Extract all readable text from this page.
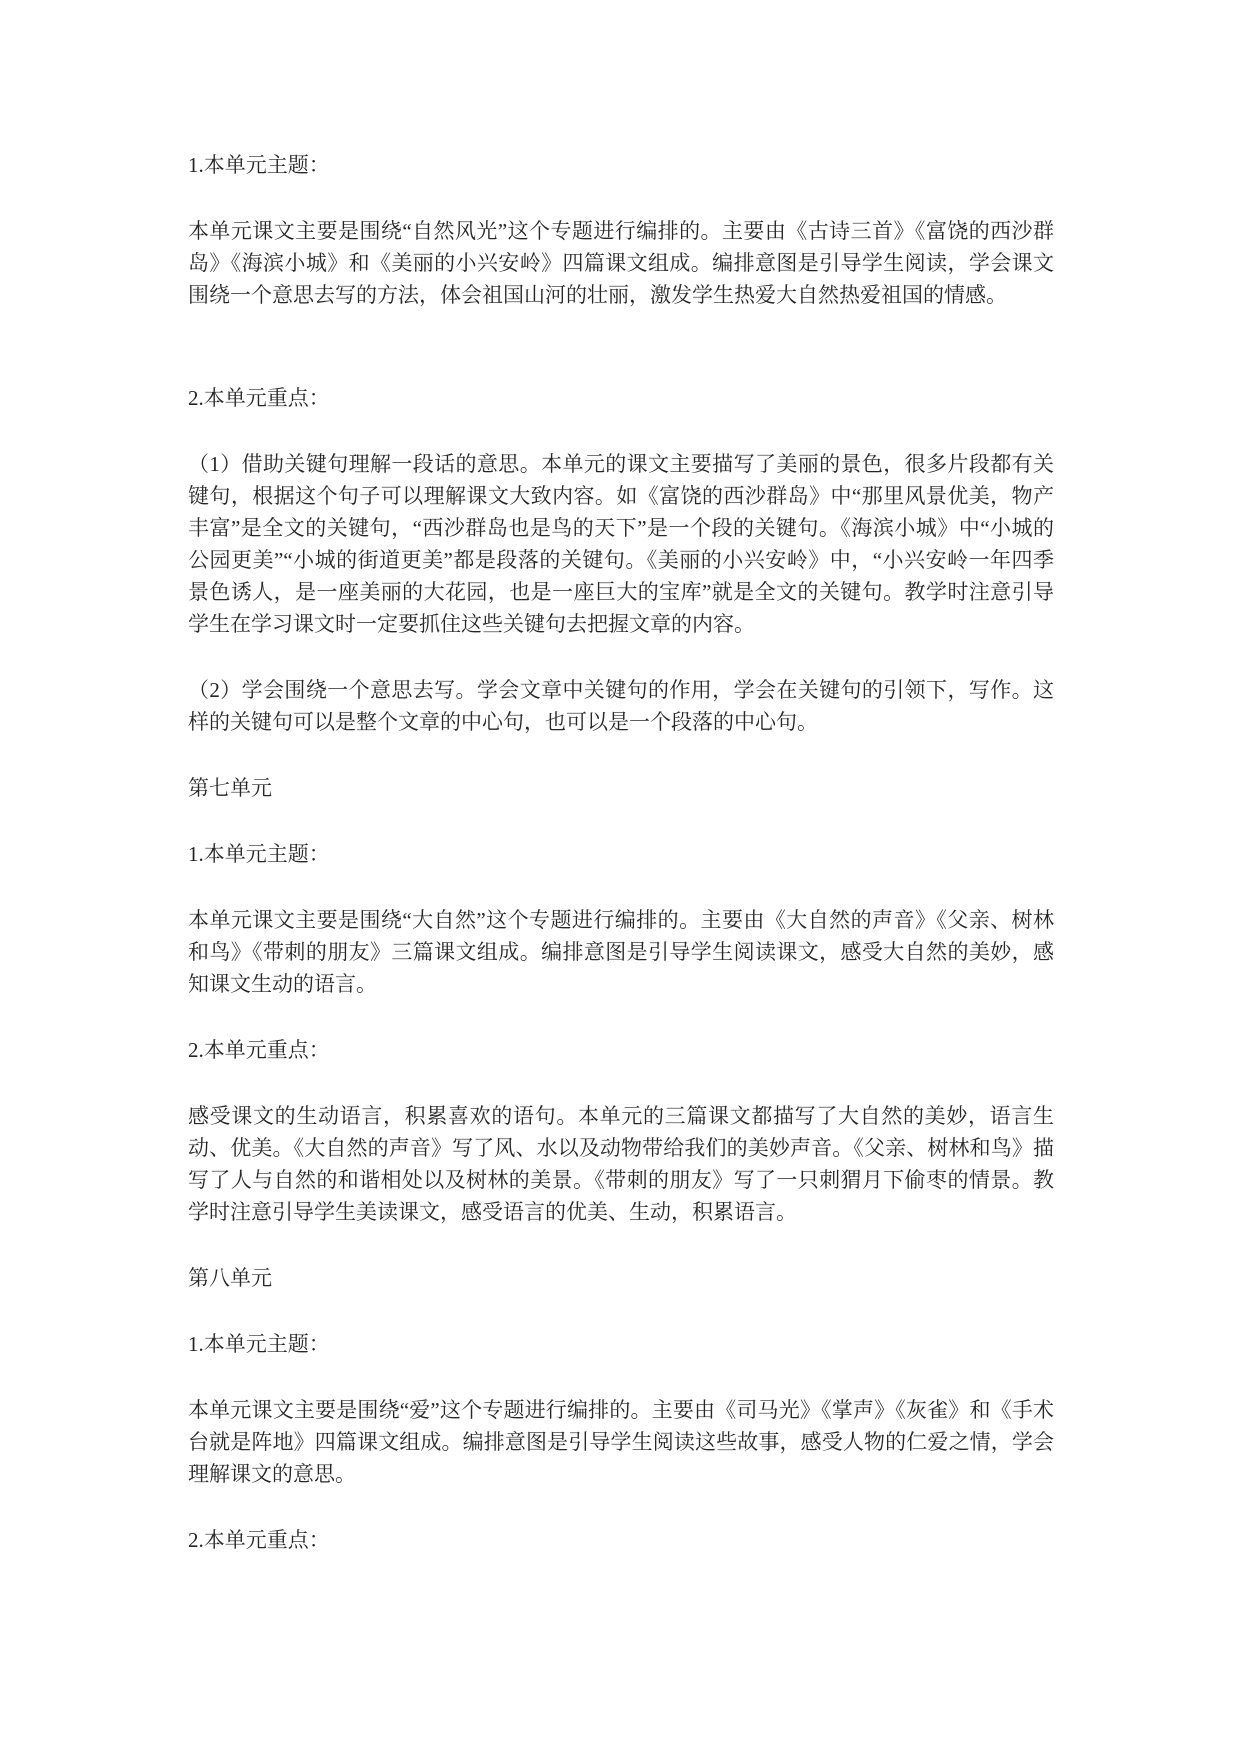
1.本单元主题：
本单元课文主要是围绕“自然风光”这个专题进行编排的。主要由《古诗三首》《富饶的西沙群岛》《海滨小城》和《美丽的小兴安岭》四篇课文组成。编排意图是引导学生阅读，学会课文围绕一个意思去写的方法，体会祖国山河的壮丽，激发学生热爱大自然热爱祖国的情感。
2.本单元重点：
（1）借助关键句理解一段话的意思。本单元的课文主要描写了美丽的景色，很多片段都有关键句，根据这个句子可以理解课文大致内容。如《富饶的西沙群岛》中“那里风景优美，物产丰富”是全文的关键句，“西沙群岛也是鸟的天下”是一个段的关键句。《海滨小城》中“小城的公园更美”“小城的街道更美”都是段落的关键句。《美丽的小兴安岭》中，“小兴安岭一年四季景色诱人，是一座美丽的大花园，也是一座巨大的宝库”就是全文的关键句。教学时注意引导学生在学习课文时一定要抓住这些关键句去把握文章的内容。
（2）学会围绕一个意思去写。学会文章中关键句的作用，学会在关键句的引领下，写作。这样的关键句可以是整个文章的中心句，也可以是一个段落的中心句。
第七单元
1.本单元主题：
本单元课文主要是围绕“大自然”这个专题进行编排的。主要由《大自然的声音》《父亲、树林和鸟》《带刺的朋友》三篇课文组成。编排意图是引导学生阅读课文，感受大自然的美妙，感知课文生动的语言。
2.本单元重点：
感受课文的生动语言，积累喜欢的语句。本单元的三篇课文都描写了大自然的美妙，语言生动、优美。《大自然的声音》写了风、水以及动物带给我们的美妙声音。《父亲、树林和鸟》描写了人与自然的和谐相处以及树林的美景。《带刺的朋友》写了一只刺猬月下偷枣的情景。教学时注意引导学生美读课文，感受语言的优美、生动，积累语言。
第八单元
1.本单元主题：
本单元课文主要是围绕“爱”这个专题进行编排的。主要由《司马光》《掌声》《灰雀》和《手术台就是阵地》四篇课文组成。编排意图是引导学生阅读这些故事，感受人物的仁爱之情，学会理解课文的意思。
2.本单元重点：
